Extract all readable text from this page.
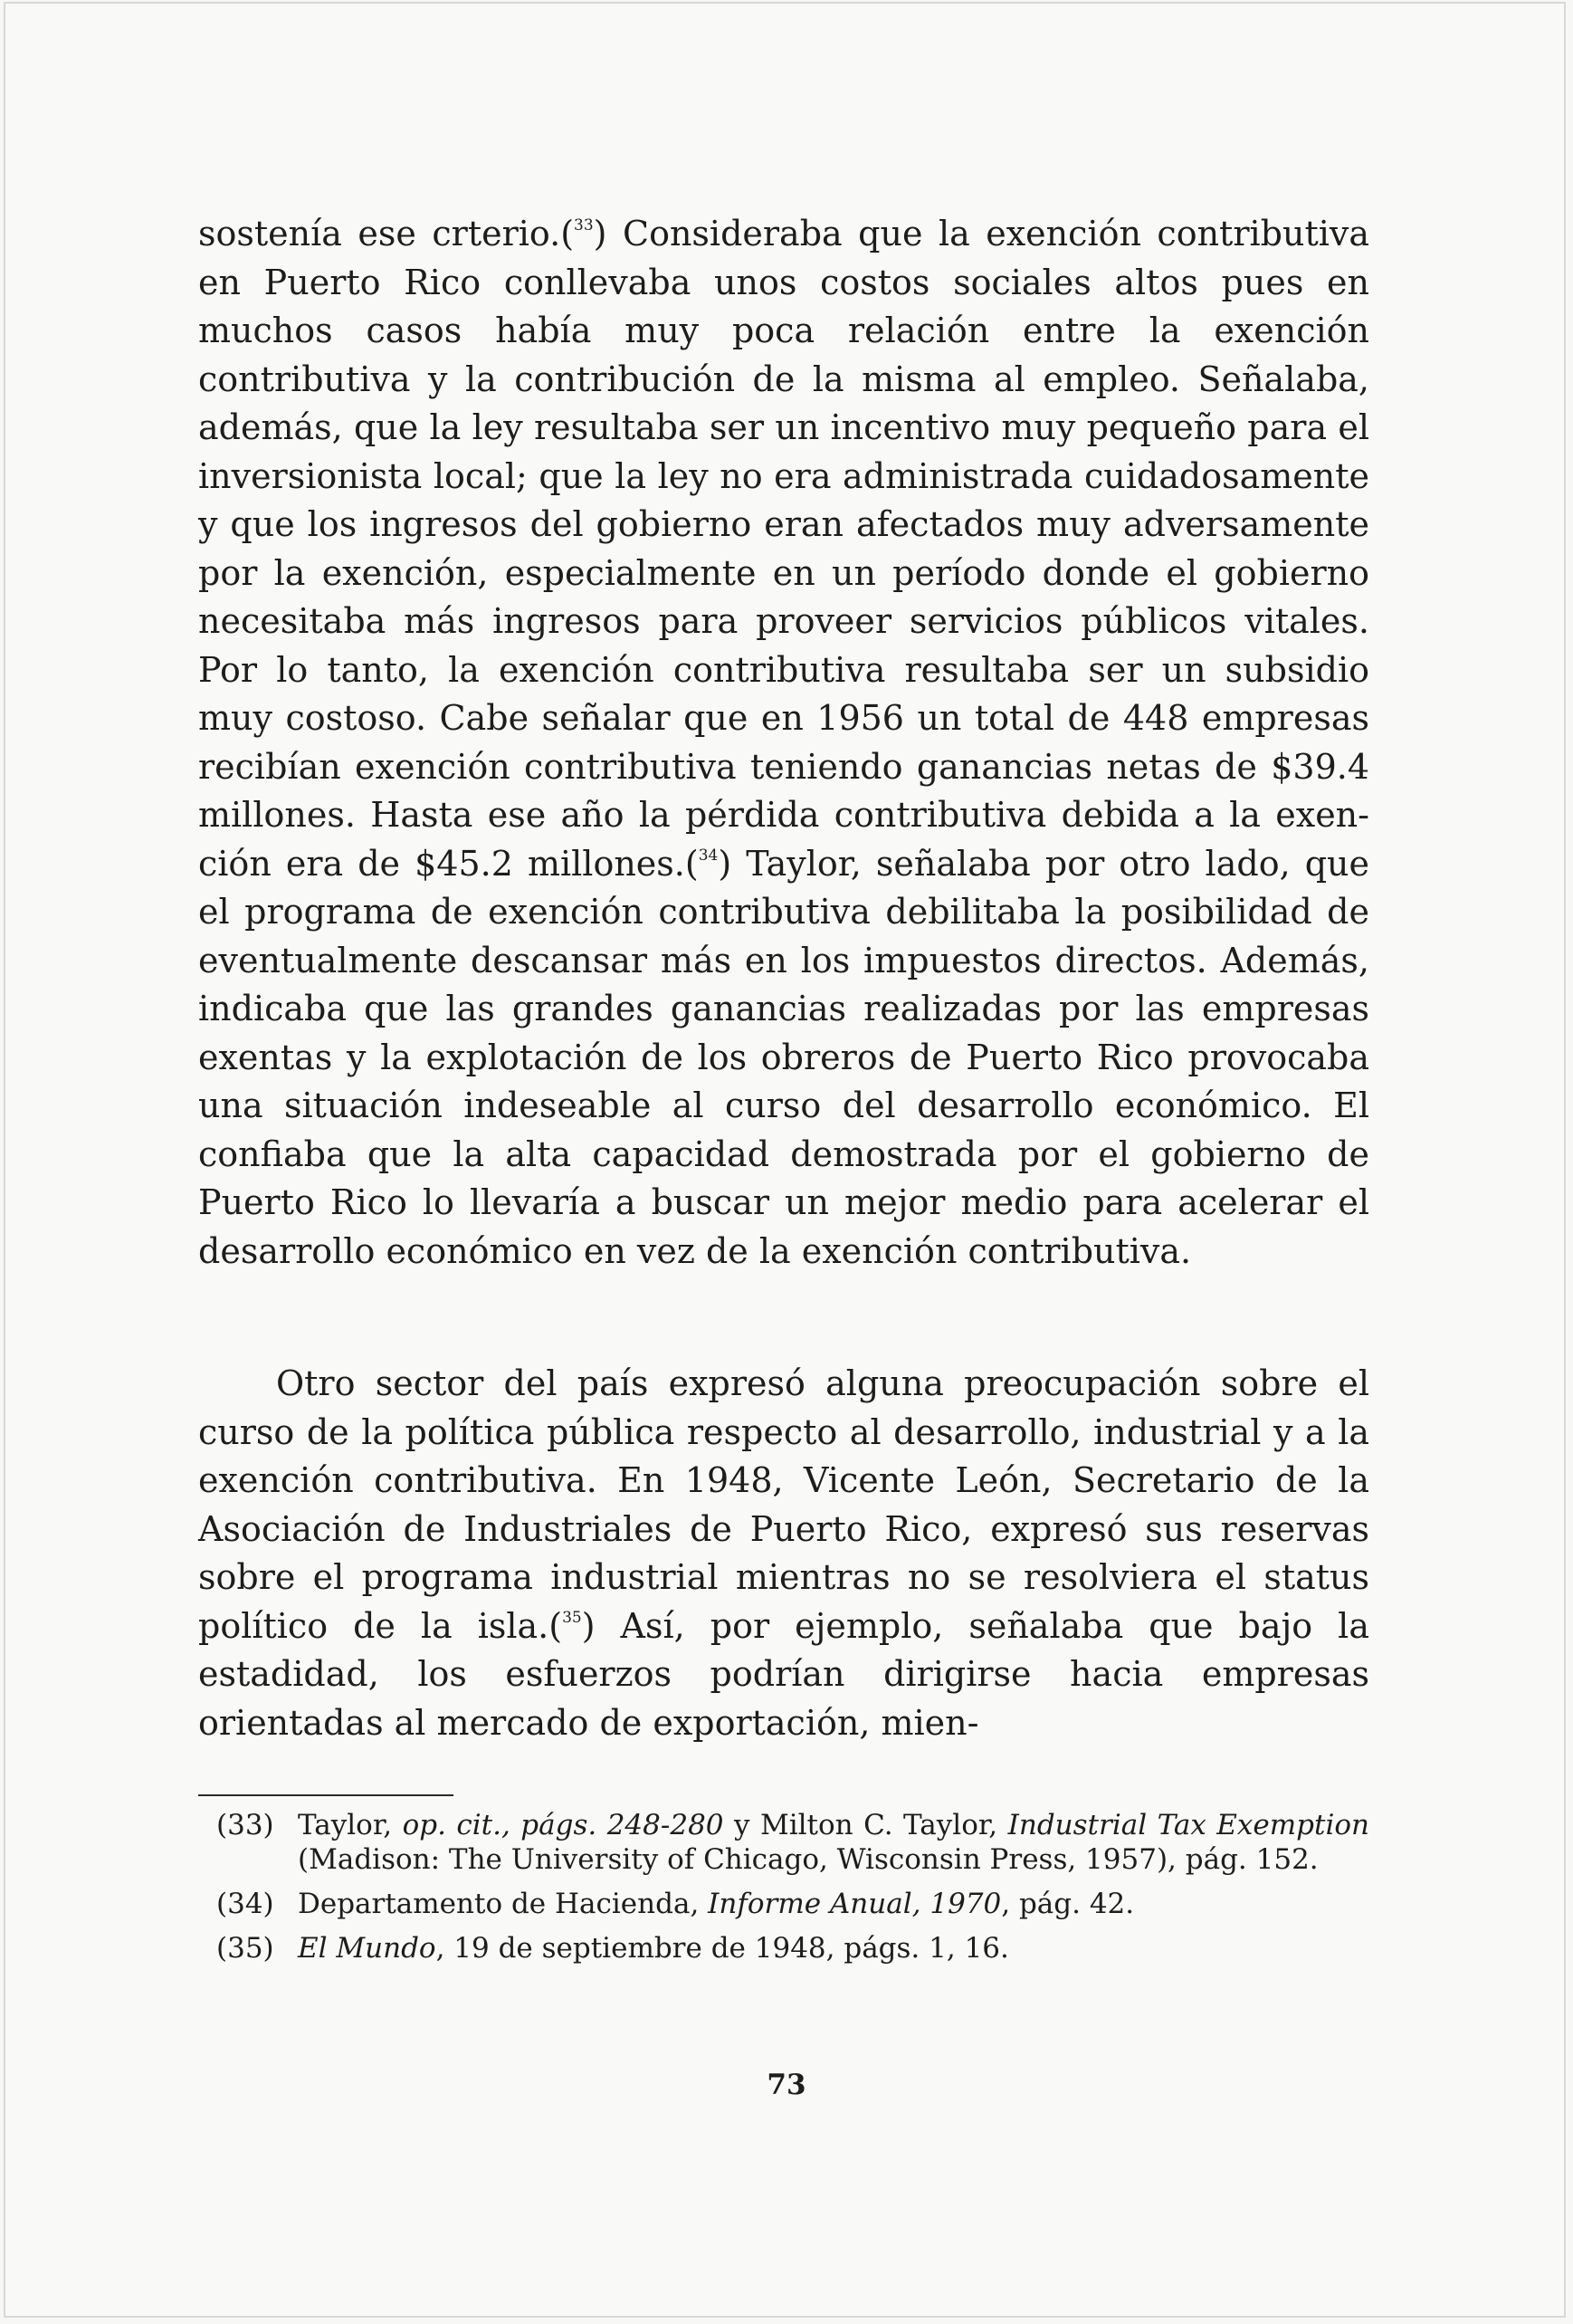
sostenía ese crterio.($^{33}$) Consideraba que la exención contributiva en Puerto Rico conllevaba unos costos sociales altos pues en muchos casos había muy poca relación entre la exención contributiva y la contribución de la misma al empleo. Señalaba, además, que la ley resultaba ser un incentivo muy pequeño para el inversionista local; que la ley no era administrada cuidadosamente y que los ingresos del gobierno eran afectados muy adversamente por la exención, especialmente en un período donde el gobierno necesitaba más ingresos para proveer servicios públicos vitales. Por lo tanto, la exención contributiva resultaba ser un subsidio muy costoso. Cabe señalar que en 1956 un total de 448 empresas recibían exención contributiva teniendo ganancias netas de $39.4 millones. Hasta ese año la pérdida contributiva debida a la exención era de $45.2 millones.($^{34}$) Taylor, señalaba por otro lado, que el programa de exención contributiva debilitaba la posibilidad de eventualmente descansar más en los impuestos directos. Además, indicaba que las grandes ganancias realizadas por las empresas exentas y la explotación de los obreros de Puerto Rico provocaba una situación indeseable al curso del desarrollo económico. El confiaba que la alta capacidad demostrada por el gobierno de Puerto Rico lo llevaría a buscar un mejor medio para acelerar el desarrollo económico en vez de la exención contributiva.

Otro sector del país expresó alguna preocupación sobre el curso de la política pública respecto al desarrollo, industrial y a la exención contributiva. En 1948, Vicente León, Secretario de la Asociación de Industriales de Puerto Rico, expresó sus reservas sobre el programa industrial mientras no se resolviera el status político de la isla.($^{35}$) Así, por ejemplo, señalaba que bajo la estadidad, los esfuerzos podrían dirigirse hacia empresas orientadas al mercado de exportación, mien-

(33) Taylor, op. cit., págs. 248-280 y Milton C. Taylor, Industrial Tax Exemption (Madison: The University of Chicago, Wisconsin Press, 1957), pág. 152.
(34) Departamento de Hacienda, Informe Anual, 1970, pág. 42.
(35) El Mundo, 19 de septiembre de 1948, págs. 1, 16.
73
